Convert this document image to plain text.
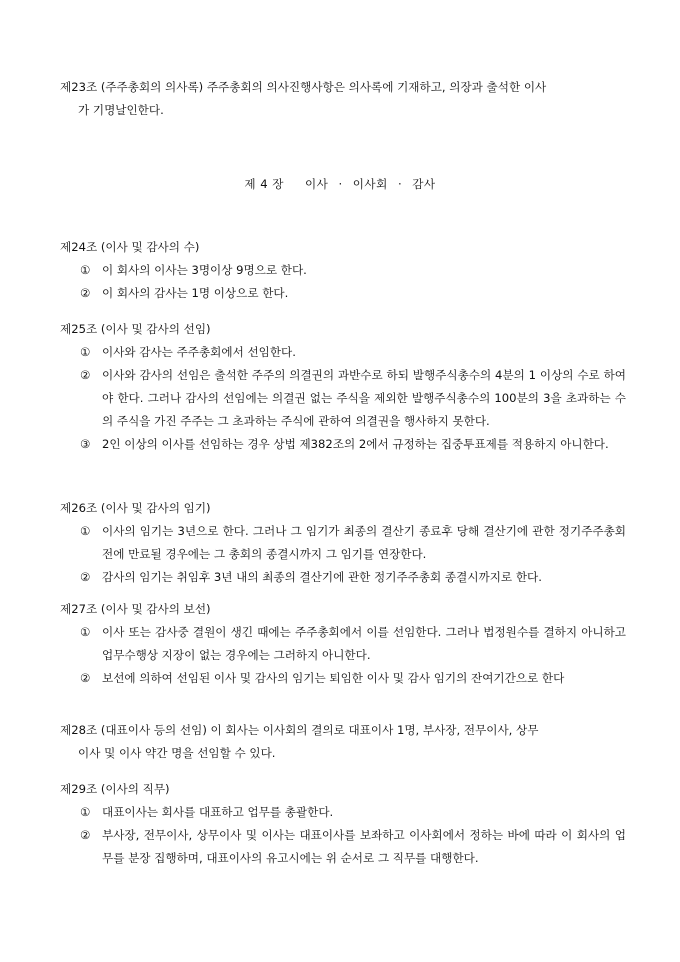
제23조 (주주총회의 의사록) 주주총회의 의사진행사항은 의사록에 기재하고, 의장과 출석한 이사
가 기명날인한다.
제 4 장 이사 · 이사회 · 감사
제24조 (이사 및 감사의 수)
① 이 회사의 이사는 3명이상 9명으로 한다.
② 이 회사의 감사는 1명 이상으로 한다.
제25조 (이사 및 감사의 선임)
① 이사와 감사는 주주총회에서 선임한다.
② 이사와 감사의 선임은 출석한 주주의 의결권의 과반수로 하되 발행주식총수의 4분의 1 이상의 수로 하여야 한다. 그러나 감사의 선임에는 의결권 없는 주식을 제외한 발행주식총수의 100분의 3을 초과하는 수의 주식을 가진 주주는 그 초과하는 주식에 관하여 의결권을 행사하지 못한다.
③ 2인 이상의 이사를 선임하는 경우 상법 제382조의 2에서 규정하는 집중투표제를 적용하지 아니한다.
제26조 (이사 및 감사의 임기)
① 이사의 임기는 3년으로 한다. 그러나 그 임기가 최종의 결산기 종료후 당해 결산기에 관한 정기주주총회 전에 만료될 경우에는 그 총회의 종결시까지 그 임기를 연장한다.
② 감사의 임기는 취임후 3년 내의 최종의 결산기에 관한 정기주주총회 종결시까지로 한다.
제27조 (이사 및 감사의 보선)
① 이사 또는 감사중 결원이 생긴 때에는 주주총회에서 이를 선임한다. 그러나 법정원수를 결하지 아니하고 업무수행상 지장이 없는 경우에는 그러하지 아니한다.
② 보선에 의하여 선임된 이사 및 감사의 임기는 퇴임한 이사 및 감사 임기의 잔여기간으로 한다
제28조 (대표이사 등의 선임) 이 회사는 이사회의 결의로 대표이사 1명, 부사장, 전무이사, 상무
이사 및 이사 약간 명을 선임할 수 있다.
제29조 (이사의 직무)
① 대표이사는 회사를 대표하고 업무를 총괄한다.
② 부사장, 전무이사, 상무이사 및 이사는 대표이사를 보좌하고 이사회에서 정하는 바에 따라 이 회사의 업무를 분장 집행하며, 대표이사의 유고시에는 위 순서로 그 직무를 대행한다.
